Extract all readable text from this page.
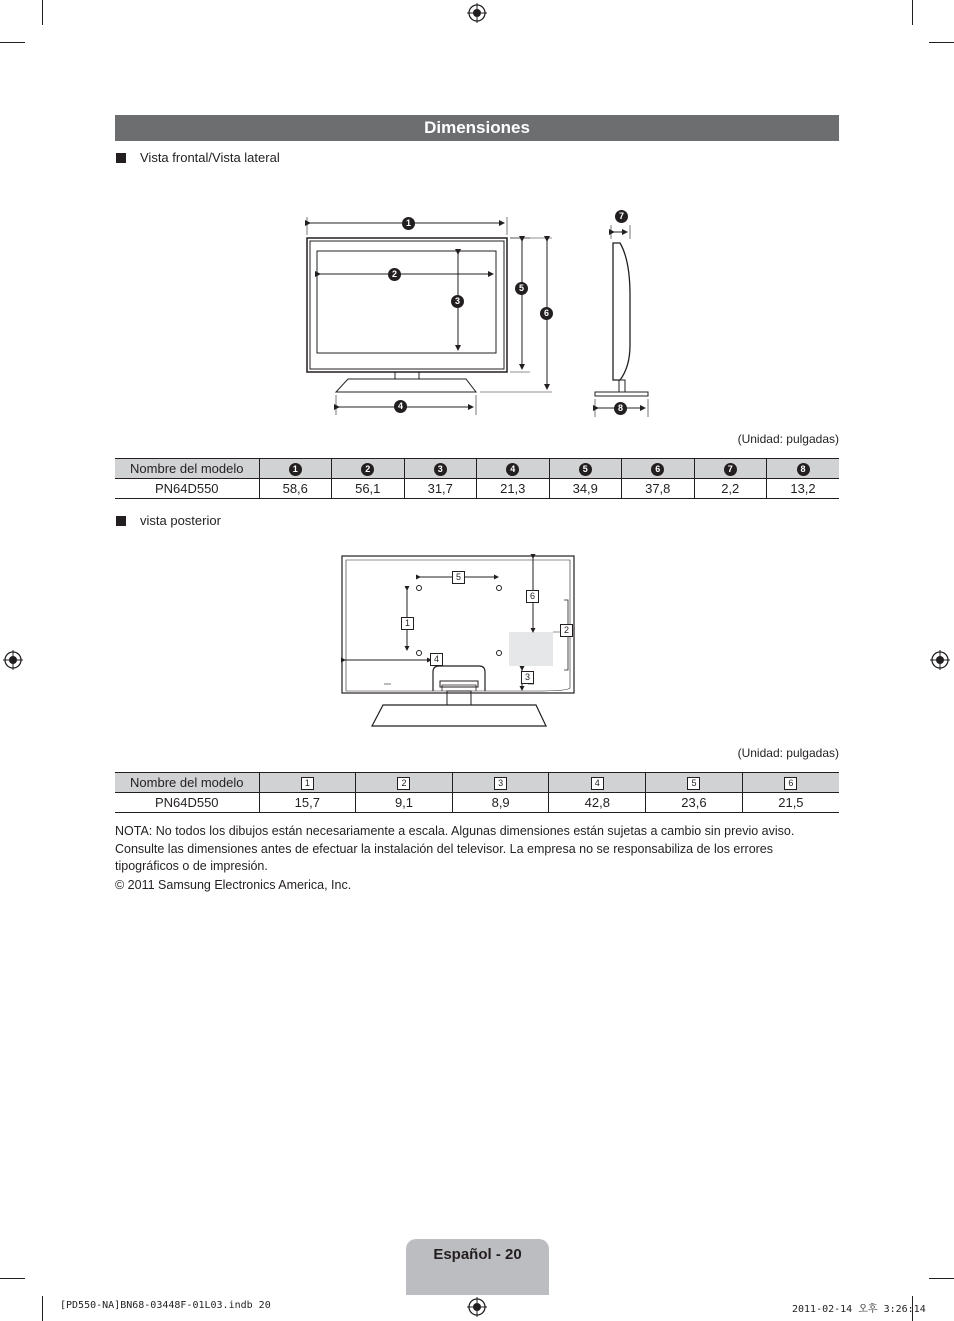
Dimensiones
Vista frontal/Vista lateral
1
2
3
4
5
6
7
8
(Unidad: pulgadas)
Nombre del modelo	1	2	3	4	5	6	7	8
PN64D550	58,6	56,1	31,7	21,3	34,9	37,8	2,2	13,2
vista posterior
5
1
6
2
4
3
(Unidad: pulgadas)
Nombre del modelo	1	2	3	4	5	6
PN64D550	15,7	9,1	8,9	42,8	23,6	21,5
NOTA: No todos los dibujos están necesariamente a escala. Algunas dimensiones están sujetas a cambio sin previo aviso. Consulte las dimensiones antes de efectuar la instalación del televisor. La empresa no se responsabiliza de los errores tipográficos o de impresión.
© 2011 Samsung Electronics America, Inc.
Español - 20
[PD550-NA]BN68-03448F-01L03.indb 20	2011-02-14 오후 3:26:14
